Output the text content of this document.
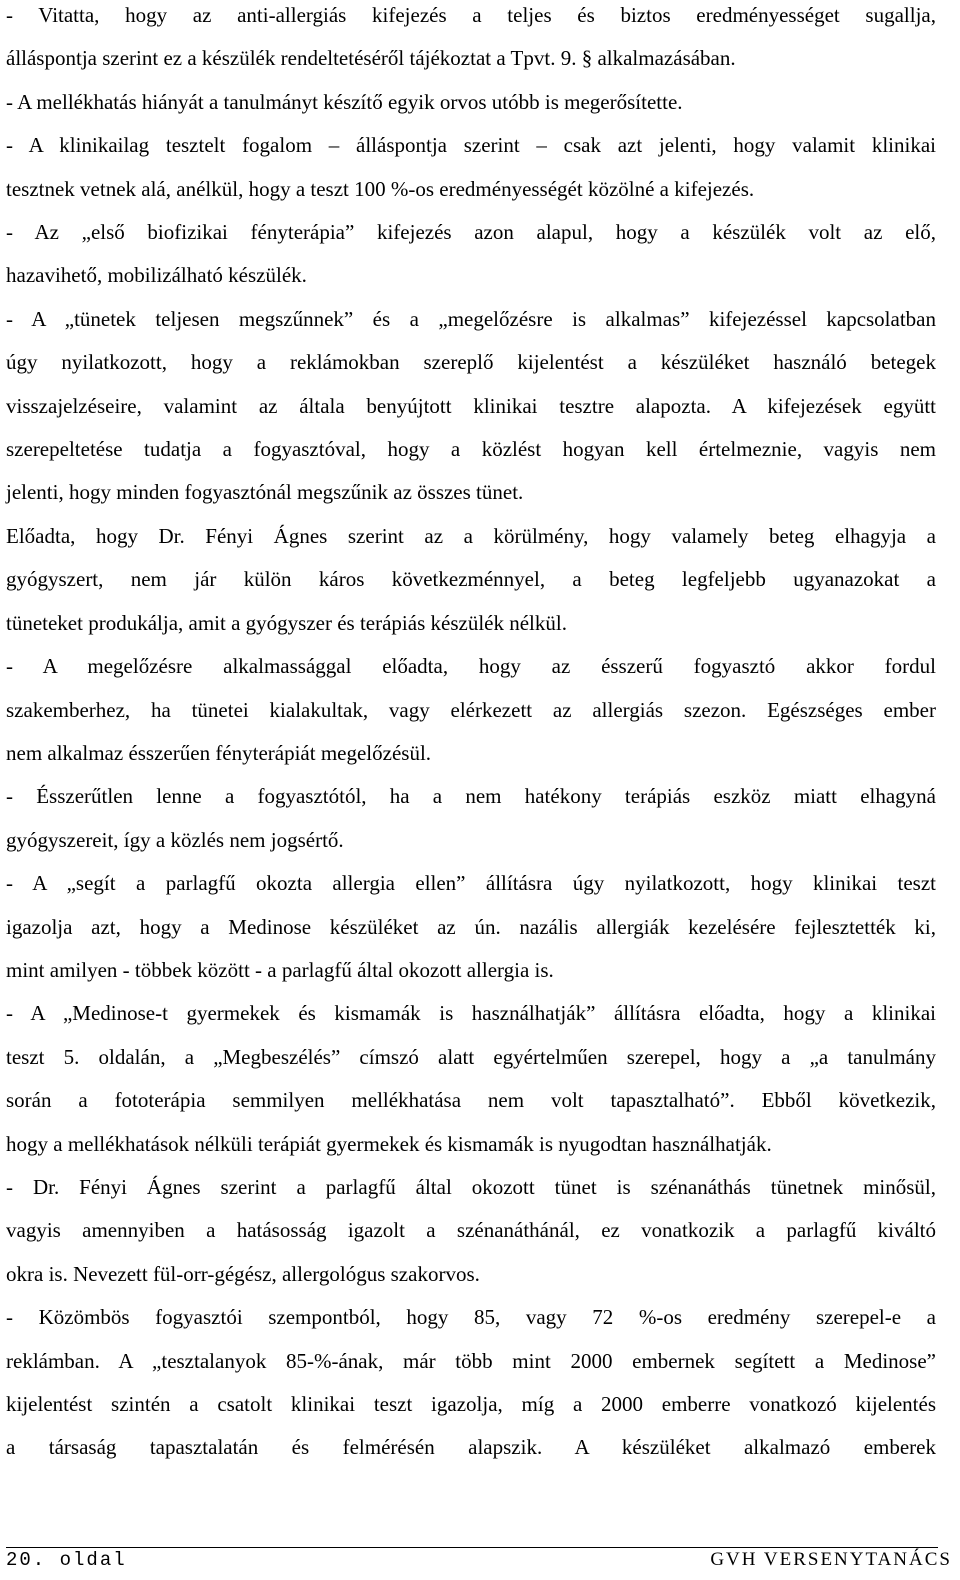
- Vitatta, hogy az anti-allergiás kifejezés a teljes és biztos eredményességet sugallja,

álláspontja szerint ez a készülék rendeltetéséről tájékoztat a Tpvt. 9. § alkalmazásában.

- A mellékhatás hiányát a tanulmányt készítő egyik orvos utóbb is megerősítette.

- A klinikailag tesztelt fogalom – álláspontja szerint – csak azt jelenti, hogy valamit klinikai

tesztnek vetnek alá, anélkül, hogy a teszt 100 %-os eredményességét közölné a kifejezés.

- Az „első biofizikai fényterápia” kifejezés azon alapul, hogy a készülék volt az elő,

hazavihető, mobilizálható készülék.

- A „tünetek teljesen megszűnnek” és a „megelőzésre is alkalmas” kifejezéssel kapcsolatban

úgy nyilatkozott, hogy a reklámokban szereplő kijelentést a készüléket használó betegek

visszajelzéseire, valamint az általa benyújtott klinikai tesztre alapozta. A kifejezések együtt

szerepeltetése tudatja a fogyasztóval, hogy a közlést hogyan kell értelmeznie, vagyis nem

jelenti, hogy minden fogyasztónál megszűnik az összes tünet.

Előadta, hogy Dr. Fényi Ágnes szerint az a körülmény, hogy valamely beteg elhagyja a

gyógyszert, nem jár külön káros következménnyel, a beteg legfeljebb ugyanazokat a

tüneteket produkálja, amit a gyógyszer és terápiás készülék nélkül.

- A megelőzésre alkalmassággal előadta, hogy az ésszerű fogyasztó akkor fordul

szakemberhez, ha tünetei kialakultak, vagy elérkezett az allergiás szezon. Egészséges ember

nem alkalmaz ésszerűen fényterápiát megelőzésül.

- Ésszerűtlen lenne a fogyasztótól, ha a nem hatékony terápiás eszköz miatt elhagyná

gyógyszereit, így a közlés nem jogsértő.

- A „segít a parlagfű okozta allergia ellen” állításra úgy nyilatkozott, hogy klinikai teszt

igazolja azt, hogy a Medinose készüléket az ún. nazális allergiák kezelésére fejlesztették ki,

mint amilyen - többek között - a parlagfű által okozott allergia is.

- A „Medinose-t gyermekek és kismamák is használhatják” állításra előadta, hogy a klinikai

teszt 5. oldalán, a „Megbeszélés” címszó alatt egyértelműen szerepel, hogy a „a tanulmány

során a fototerápia semmilyen mellékhatása nem volt tapasztalható”. Ebből következik,

hogy a mellékhatások nélküli terápiát gyermekek és kismamák is nyugodtan használhatják.

- Dr. Fényi Ágnes szerint a parlagfű által okozott tünet is szénanáthás tünetnek minősül,

vagyis amennyiben a hatásosság igazolt a szénanáthánál, ez vonatkozik a parlagfű kiváltó

okra is. Nevezett fül-orr-gégész, allergológus szakorvos.

- Közömbös fogyasztói szempontból, hogy 85, vagy 72 %-os eredmény szerepel-e a

reklámban. A „tesztalanyok 85-%-ának, már több mint 2000 embernek segített a Medinose”

kijelentést szintén a csatolt klinikai teszt igazolja, míg a 2000 emberre vonatkozó kijelentés

a társaság tapasztalatán és felmérésén alapszik. A készüléket alkalmazó emberek

20. oldal	GVH VERSENYTANÁCS
